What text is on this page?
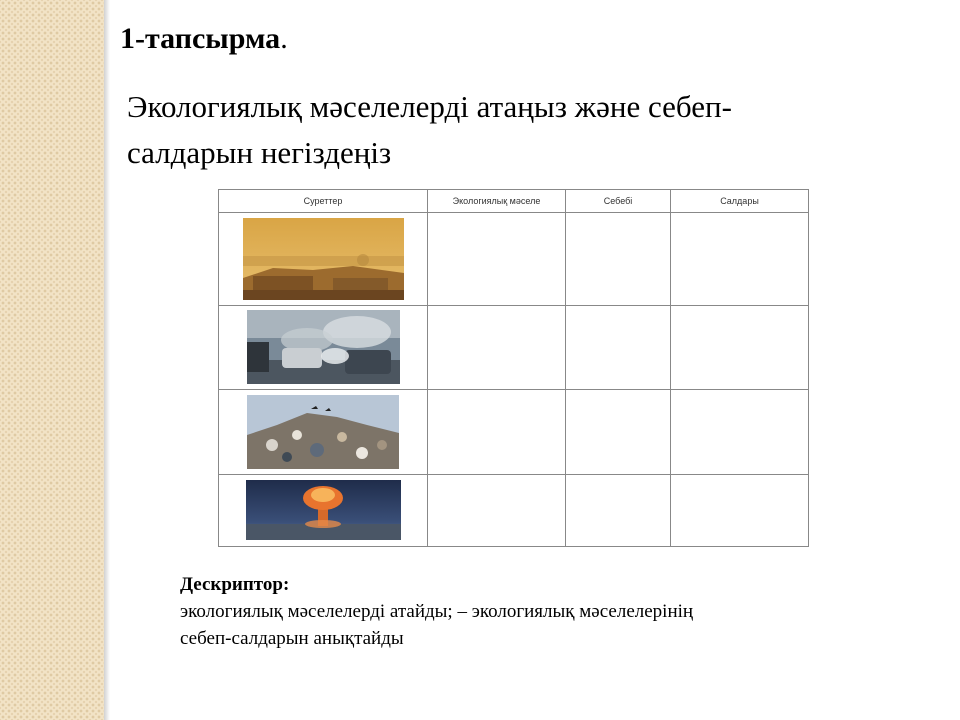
1-тапсырма.
Экологиялық мәселелерді атаңыз және себеп-салдарын негіздеңіз
Суреттер	Экологиялық мәселе	Себебі	Салдары

Дескриптор:
экологиялық мәселелерді атайды; – экологиялық мәселелерінің
себеп-салдарын анықтайды
